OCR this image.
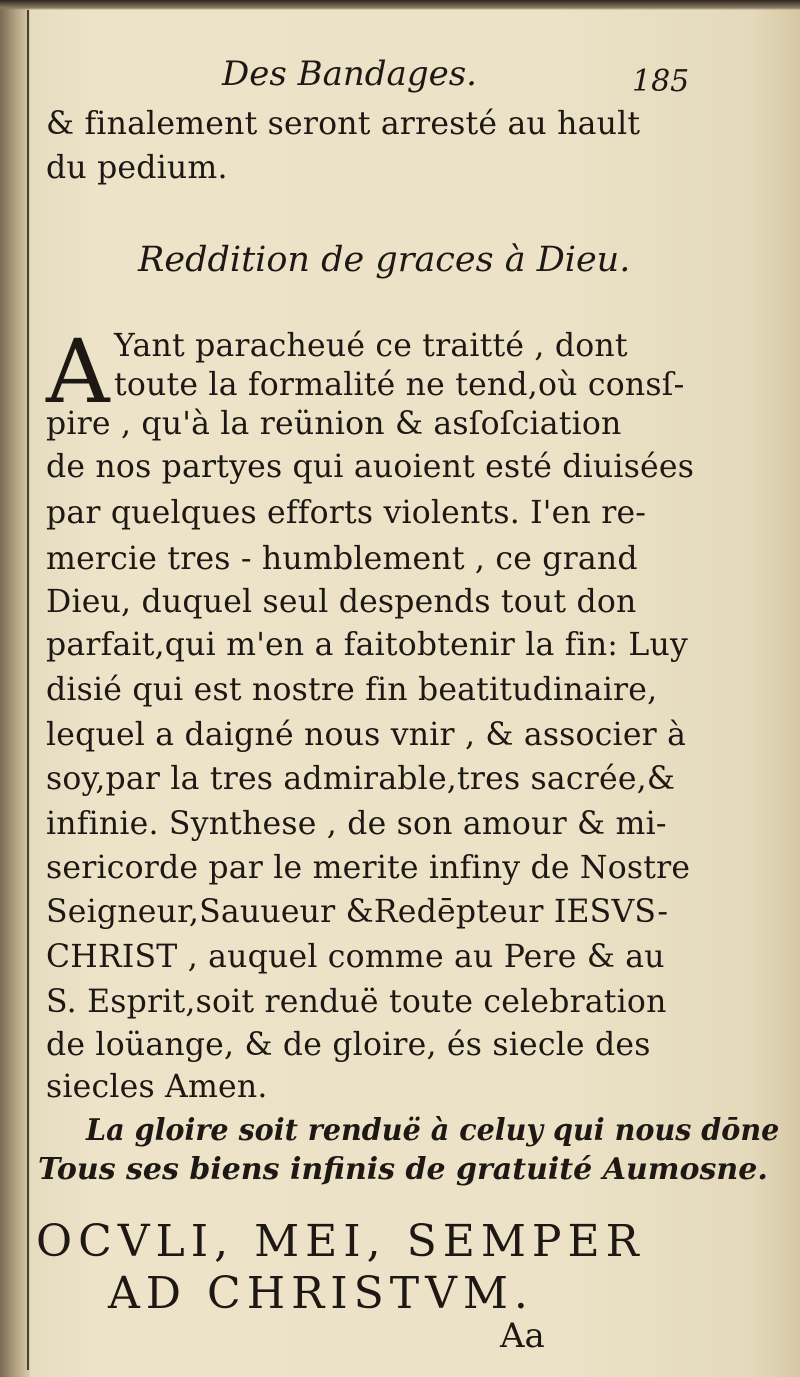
Des Bandages.	185
& finalement seront arresté au hault
du pedium.
Reddition de graces à Dieu.
A Yant paracheué ce traitté , dont
toute la formalité ne tend,où consſ-
pire , qu'à la reünion & asſoſciation
de nos partyes qui auoient esté diuisées
par quelques efforts violents. I'en re-
mercie tres - humblement , ce grand
Dieu, duquel seul despends tout don
parfait,qui m'en a faitobtenir la fin: Luy
disié qui est nostre fin beatitudinaire,
lequel a daigné nous vnir , & associer à
soy,par la tres admirable,tres sacrée,&
infinie. Synthese , de son amour & mi-
sericorde par le merite infiny de Nostre
Seigneur,Sauueur &Redēpteur IESVS-
CHRIST , auquel comme au Pere & au
S. Esprit,soit renduë toute celebration
de loüange, & de gloire, és siecle des
siecles Amen.
La gloire soit renduë à celuy qui nous dōne
Tous ses biens infinis de gratuité Aumosne.
OCVLI, MEI, SEMPER
AD CHRISTVM.
Aa
